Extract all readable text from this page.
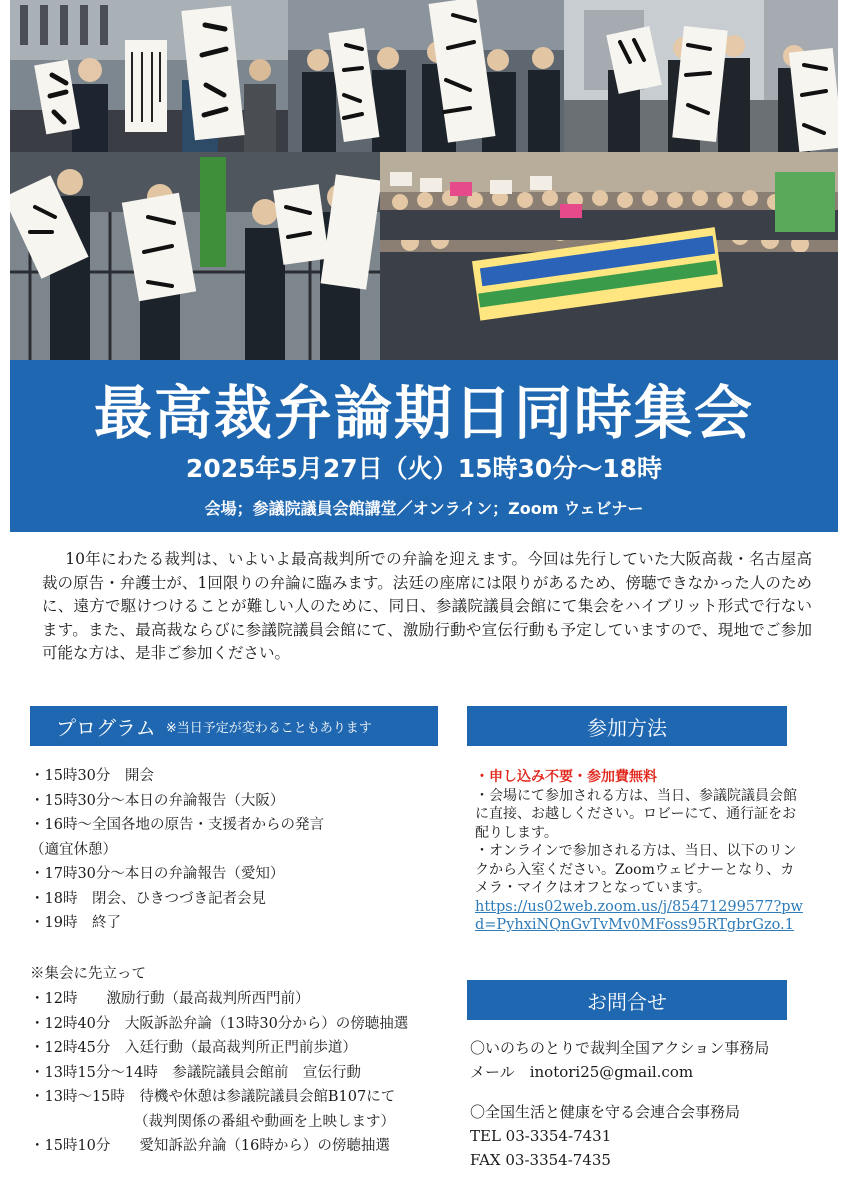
最高裁弁論期日同時集会
2025年5月27日（火）15時30分～18時
会場；参議院議員会館講堂／オンライン；Zoom ウェビナー

10年にわたる裁判は、いよいよ最高裁判所での弁論を迎えます。今回は先行していた大阪高裁・名古屋高裁の原告・弁護士が、1回限りの弁論に臨みます。法廷の座席には限りがあるため、傍聴できなかった人のために、遠方で駆けつけることが難しい人のために、同日、参議院議員会館にて集会をハイブリット形式で行ないます。また、最高裁ならびに参議院議員会館にて、激励行動や宣伝行動も予定していますので、現地でご参加可能な方は、是非ご参加ください。

プログラム ※当日予定が変わることもあります
・15時30分　開会
・15時30分～本日の弁論報告（大阪）
・16時～全国各地の原告・支援者からの発言
（適宜休憩）
・17時30分～本日の弁論報告（愛知）
・18時　閉会、ひきつづき記者会見
・19時　終了
※集会に先立って
・12時　　激励行動（最高裁判所西門前）
・12時40分　大阪訴訟弁論（13時30分から）の傍聴抽選
・12時45分　入廷行動（最高裁判所正門前歩道）
・13時15分～14時　参議院議員会館前　宣伝行動
・13時～15時　待機や休憩は参議院議員会館B107にて
（裁判関係の番組や動画を上映します）
・15時10分　　愛知訴訟弁論（16時から）の傍聴抽選
参加方法

・申し込み不要・参加費無料

・会場にて参加される方は、当日、参議院議員会館に直接、お越しください。ロビーにて、通行証をお配りします。

・オンラインで参加される方は、当日、以下のリンクから入室ください。Zoomウェビナーとなり、カメラ・マイクはオフとなっています。

https://us02web.zoom.us/j/85471299577?pwd=PyhxiNQnGvTvMv0MFoss95RTgbrGzo.1

お問合せ

〇いのちのとりで裁判全国アクション事務局

メール　inotori25@gmail.com

〇全国生活と健康を守る会連合会事務局

TEL 03-3354-7431

FAX 03-3354-7435
